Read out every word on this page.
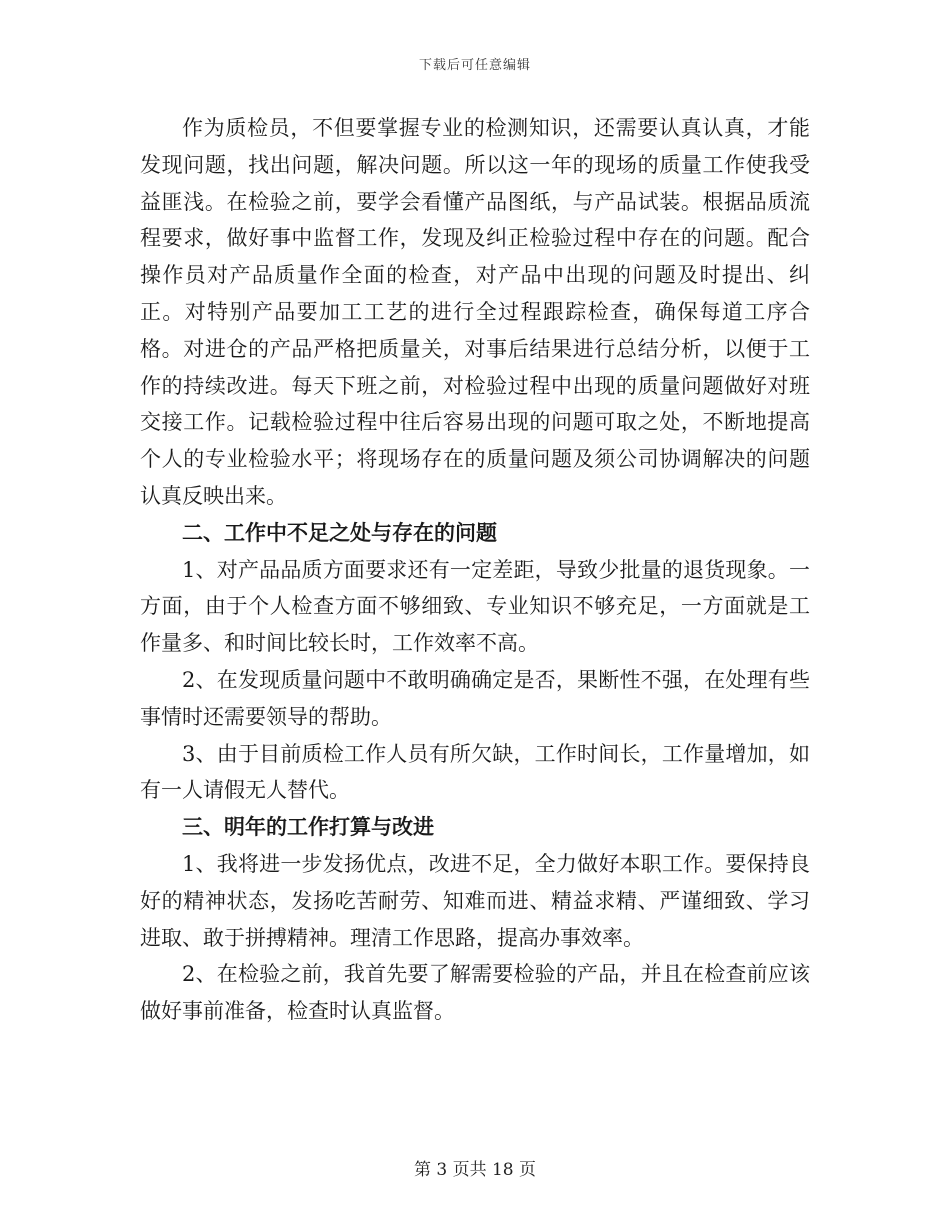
下载后可任意编辑

作为质检员，不但要掌握专业的检测知识，还需要认真认真，才能发现问题，找出问题，解决问题。所以这一年的现场的质量工作使我受益匪浅。在检验之前，要学会看懂产品图纸，与产品试装。根据品质流程要求，做好事中监督工作，发现及纠正检验过程中存在的问题。配合操作员对产品质量作全面的检查，对产品中出现的问题及时提出、纠正。对特别产品要加工工艺的进行全过程跟踪检查，确保每道工序合格。对进仓的产品严格把质量关，对事后结果进行总结分析，以便于工作的持续改进。每天下班之前，对检验过程中出现的质量问题做好对班交接工作。记载检验过程中往后容易出现的问题可取之处，不断地提高个人的专业检验水平；将现场存在的质量问题及须公司协调解决的问题认真反映出来。

二、工作中不足之处与存在的问题

1、对产品品质方面要求还有一定差距，导致少批量的退货现象。一方面，由于个人检查方面不够细致、专业知识不够充足，一方面就是工作量多、和时间比较长时，工作效率不高。

2、在发现质量问题中不敢明确确定是否，果断性不强，在处理有些事情时还需要领导的帮助。

3、由于目前质检工作人员有所欠缺，工作时间长，工作量增加，如有一人请假无人替代。

三、明年的工作打算与改进

1、我将进一步发扬优点，改进不足，全力做好本职工作。要保持良好的精神状态，发扬吃苦耐劳、知难而进、精益求精、严谨细致、学习进取、敢于拼搏精神。理清工作思路，提高办事效率。

2、在检验之前，我首先要了解需要检验的产品，并且在检查前应该做好事前准备，检查时认真监督。

第 3 页共 18 页
